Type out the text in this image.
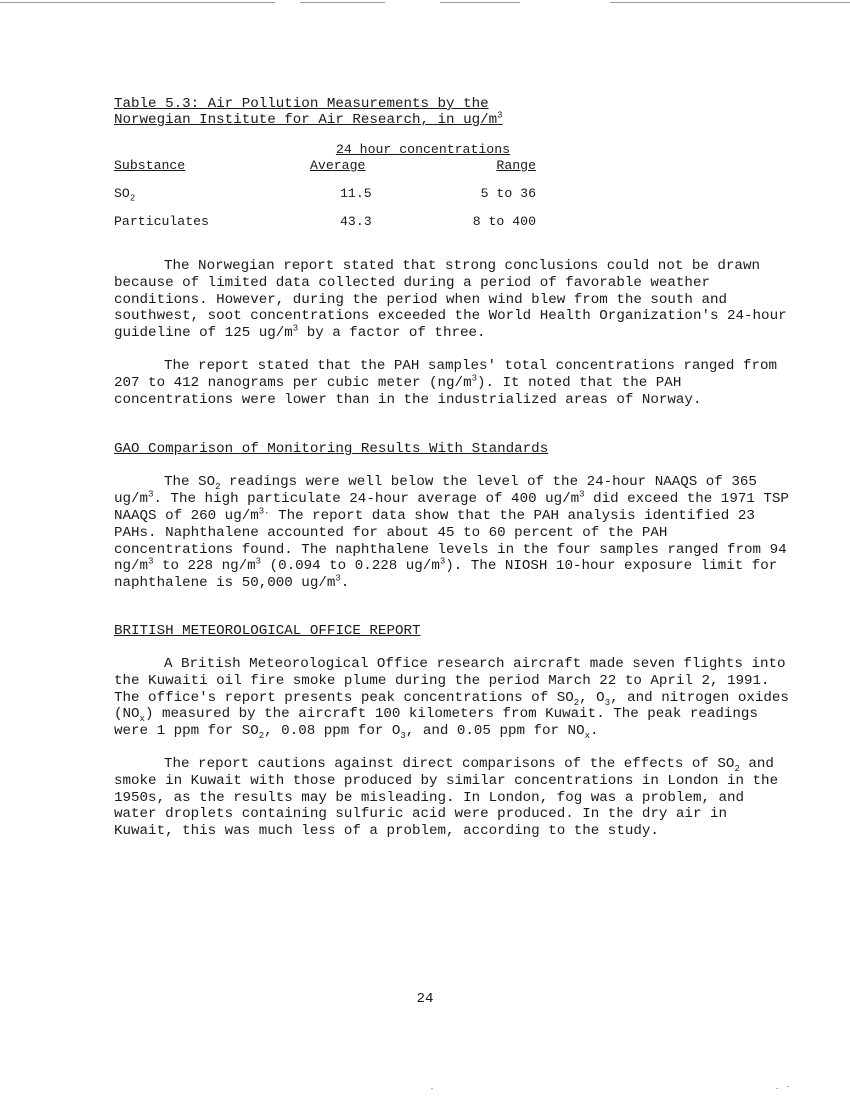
Table 5.3: Air Pollution Measurements by the
Norwegian Institute for Air Research, in $ug/m^3$
	24 hour concentrations	
Substance	Average	Range
$SO_2$	11.5	5 to 36
Particulates	43.3	8 to 400

The Norwegian report stated that strong conclusions could not be drawn because of limited data collected during a period of favorable weather conditions. However, during the period when wind blew from the south and southwest, soot concentrations exceeded the World Health Organization's 24-hour guideline of 125 $ug/m^3$ by a factor of three.

The report stated that the PAH samples' total concentrations ranged from 207 to 412 nanograms per cubic meter $(ng/m^3)$. It noted that the PAH concentrations were lower than in the industrialized areas of Norway.

GAO Comparison of Monitoring Results With Standards

The $SO_2$ readings were well below the level of the 24-hour NAAQS of 365 $ug/m^3$. The high particulate 24-hour average of 400 $ug/m^3$ did exceed the 1971 TSP NAAQS of 260 $ug/m^{3.}$ The report data show that the PAH analysis identified 23 PAHs. Naphthalene accounted for about 45 to 60 percent of the PAH concentrations found. The naphthalene levels in the four samples ranged from 94 $ng/m^3$ to 228 $ng/m^3$ (0.094 to 0.228 $ug/m^3$). The NIOSH 10-hour exposure limit for naphthalene is 50,000 $ug/m^3$.

BRITISH METEOROLOGICAL OFFICE REPORT

A British Meteorological Office research aircraft made seven flights into the Kuwaiti oil fire smoke plume during the period March 22 to April 2, 1991. The office's report presents peak concentrations of $SO_2$, $O_3$, and nitrogen oxides $(NO_x)$ measured by the aircraft 100 kilometers from Kuwait. The peak readings were 1 ppm for $SO_2$, 0.08 ppm for $O_3$, and 0.05 ppm for $NO_x$.

The report cautions against direct comparisons of the effects of $SO_2$ and smoke in Kuwait with those produced by similar concentrations in London in the 1950s, as the results may be misleading. In London, fog was a problem, and water droplets containing sulfuric acid were produced. In the dry air in Kuwait, this was much less of a problem, according to the study.

24
